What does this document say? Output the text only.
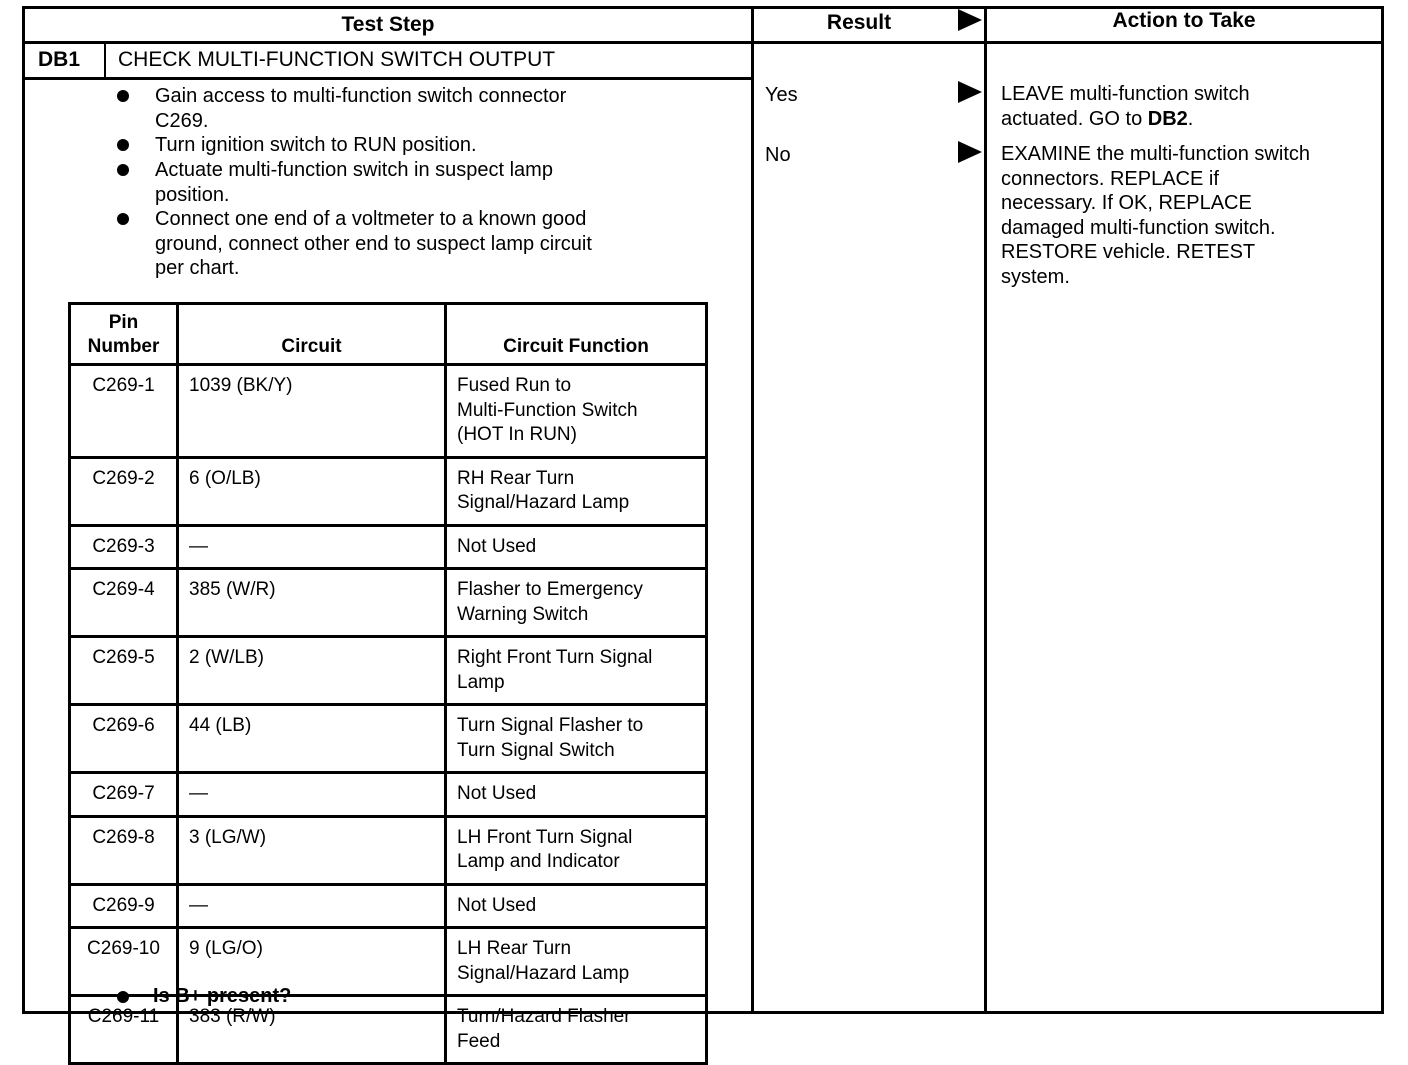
Test Step	Result	Action to Take
DB1 CHECK MULTI-FUNCTION SWITCH OUTPUT
Gain access to multi-function switch connector
C269.
Turn ignition switch to RUN position.
Actuate multi-function switch in suspect lamp
position.
Connect one end of a voltmeter to a known good
ground, connect other end to suspect lamp circuit
per chart.
Pin Number	Circuit	Circuit Function
C269-1	1039 (BK/Y)	Fused Run to
Multi-Function Switch
(HOT In RUN)

C269-2	6 (O/LB)	RH Rear Turn
Signal/Hazard Lamp

C269-3	—	Not Used

C269-4	385 (W/R)	Flasher to Emergency
Warning Switch

C269-5	2 (W/LB)	Right Front Turn Signal
Lamp

C269-6	44 (LB)	Turn Signal Flasher to
Turn Signal Switch

C269-7	—	Not Used

C269-8	3 (LG/W)	LH Front Turn Signal
Lamp and Indicator

C269-9	—	Not Used

C269-10	9 (LG/O)	LH Rear Turn
Signal/Hazard Lamp

C269-11	383 (R/W)	Turn/Hazard Flasher
Feed
Is B+ present?
Yes	LEAVE multi-function switch
actuated. GO to DB2.
No	EXAMINE the multi-function switch
connectors. REPLACE if
necessary. If OK, REPLACE
damaged multi-function switch.
RESTORE vehicle. RETEST
system.
